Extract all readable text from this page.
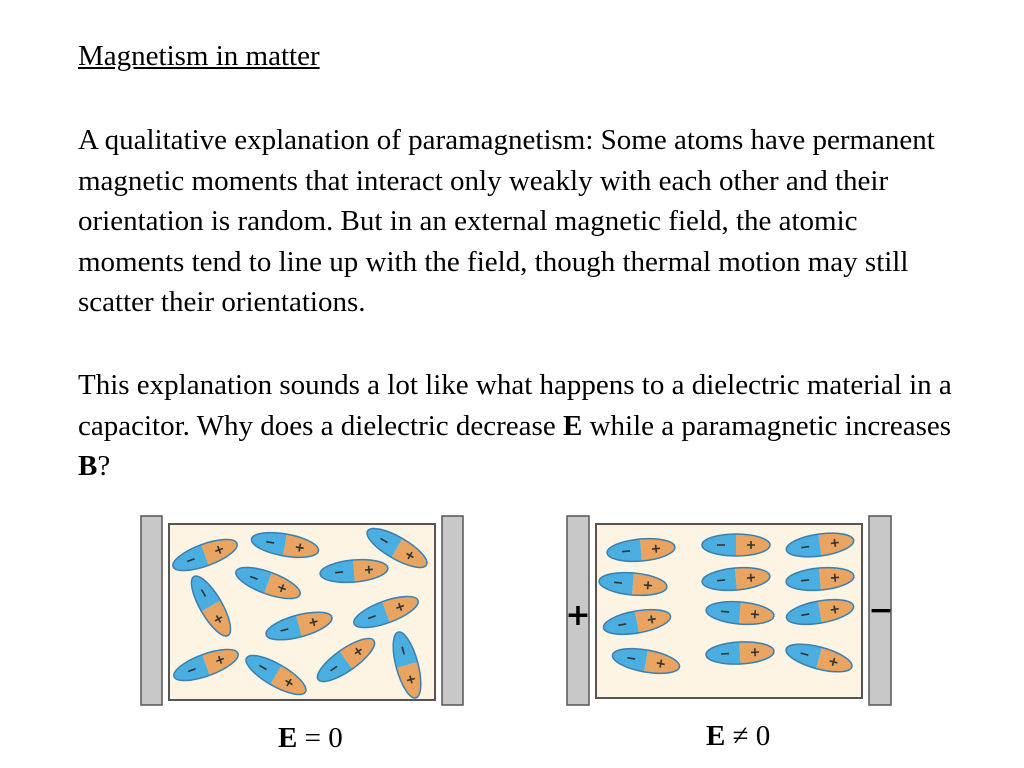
Magnetism in matter
A qualitative explanation of paramagnetism: Some atoms have permanent magnetic moments that interact only weakly with each other and their orientation is random. But in an external magnetic field, the atomic moments tend to line up with the field, though thermal motion may still scatter their orientations.
This explanation sounds a lot like what happens to a dielectric material in a capacitor. Why does a dielectric decrease E while a paramagnetic increases B?
+	−
E = 0	E ≠ 0
